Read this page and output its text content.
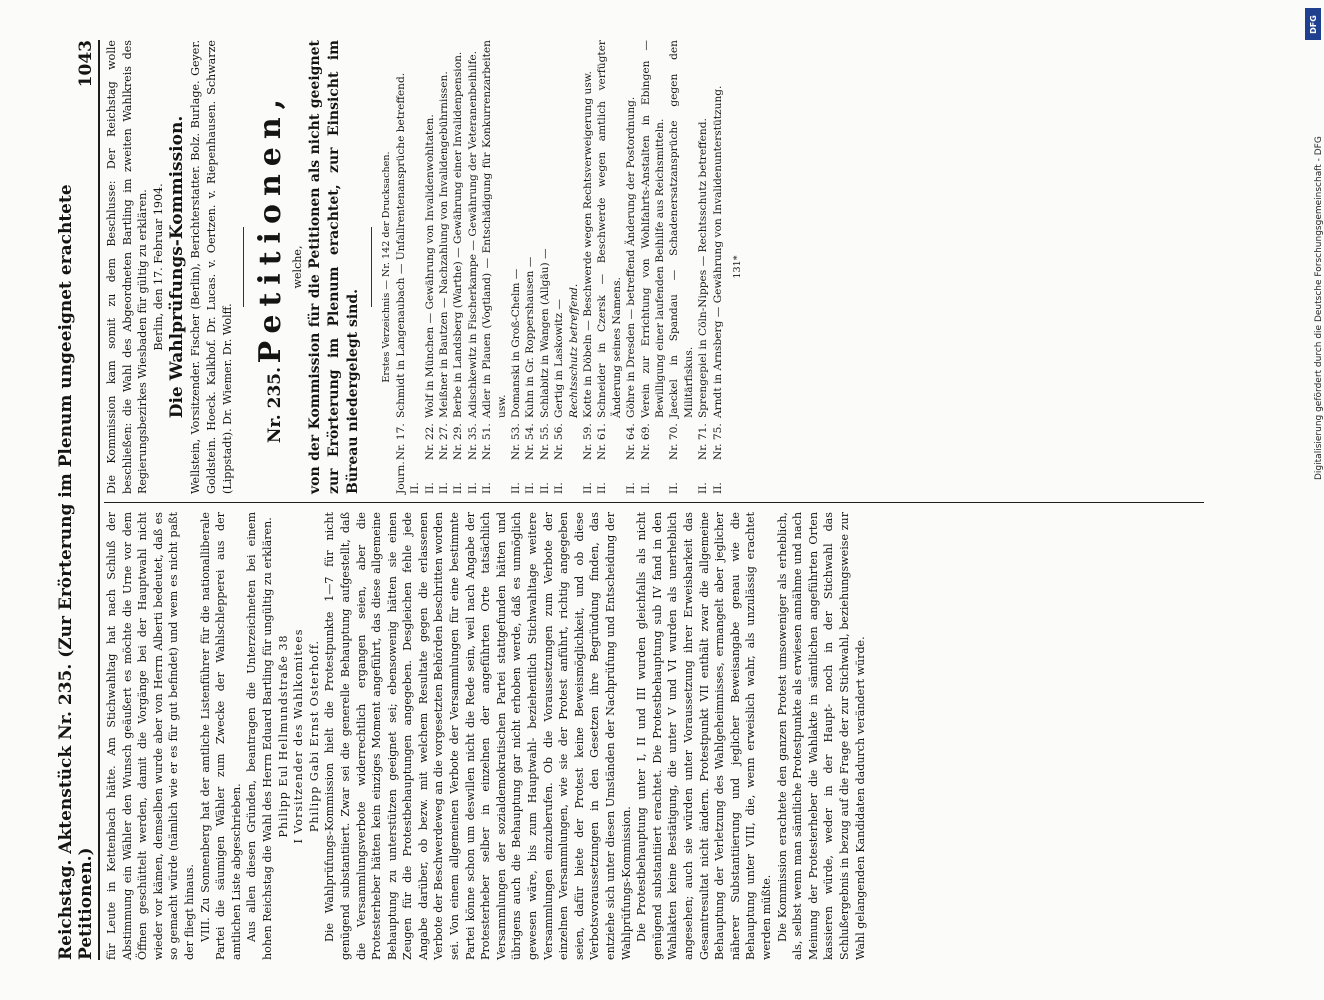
Reichstag. Aktenstück Nr. 235. (Zur Erörterung im Plenum ungeeignet erachtete Petitionen.)
1043

für Leute in Kettenbach hätte. Am Stichwahltag hat nach Schluß der Abstimmung ein Wähler den Wunsch geäußert es möchte die Urne vor dem Öffnen geschüttelt werden, damit die Vorgänge bei der Hauptwahl nicht wieder vor kämen, demselben wurde aber von Herrn Alberti bedeutet, daß es so gemacht würde (nämlich wie er es für gut befindet) und wem es nicht paßt der fliegt hinaus. VIII. Zu Sonnenberg hat der amtliche Listenführer für die nationalliberale Partei die säumigen Wähler zum Zwecke der Wahlschlepperei aus der amtlichen Liste abgeschrieben. Aus allen diesen Gründen, beantragen die Unterzeichneten bei einem hohen Reichstag die Wahl des Herrn Eduard Bartling für ungültig zu erklären. Philipp Eul Hellmundstraße 38 I Vorsitzender des Wahlkomitees Philipp Gabi Ernst Osterhoff. Die Wahlprüfungs-Kommission hielt die Protestpunkte 1—7 für nicht genügend substantiiert. Zwar sei die generelle Behauptung aufgestellt, daß die Versammlungsverbote widerrechtlich ergangen seien, aber die Protesterheber hätten kein einziges Moment angeführt, das diese allgemeine Behauptung zu unterstützen geeignet sei; ebensowenig hätten sie einen Zeugen für die Protestbehauptungen angegeben. Desgleichen fehle jede Angabe darüber, ob bezw. mit welchem Resultate gegen die erlassenen Verbote der Beschwerdeweg an die vorgesetzten Behörden beschritten worden sei. Von einem allgemeinen Verbote der Versammlungen für eine bestimmte Partei könne schon um deswillen nicht die Rede sein, weil nach Angabe der Protesterheber selber in einzelnen der angeführten Orte tatsächlich Versammlungen der sozialdemokratischen Partei stattgefunden hätten und übrigens auch die Behauptung gar nicht erhoben werde, daß es unmöglich gewesen wäre, bis zum Hauptwahl- beziehentlich Stichwahltage weitere Versammlungen einzuberufen. Ob die Voraussetzungen zum Verbote der einzelnen Versammlungen, wie sie der Protest anführt, richtig angegeben seien, dafür biete der Protest keine Beweismöglichkeit, und ob diese Verbotsvoraussetzungen in den Gesetzen ihre Begründung finden, das entziehe sich unter diesen Umständen der Nachprüfung und Entscheidung der Wahlprüfungs-Kommission. Die Protestbehauptung unter I, II und III wurden gleichfalls als nicht genügend substantiiert erachtet. Die Protestbehauptung sub IV fand in den Wahlakten keine Bestätigung, die unter V und VI wurden als unerheblich angesehen; auch sie würden unter Voraussetzung ihrer Erweisbarkeit das Gesamtresultat nicht ändern. Protestpunkt VII enthält zwar die allgemeine Behauptung der Verletzung des Wahlgeheimnisses, ermangelt aber jeglicher näherer Substantiierung und jeglicher Beweisangabe genau wie die Behauptung unter VIII, die, wenn erweislich wahr, als unzulässig erachtet werden müßte. Die Kommission erachtete den ganzen Protest umsoweniger als erheblich, als, selbst wenn man sämtliche Protestpunkte als erwiesen annähme und nach Meinung der Protesterheber die Wahlakte in sämtlichen angeführten Orten kassieren würde, weder in der Haupt- noch in der Stichwahl das Schlußergebnis in bezug auf die Frage der zur Stichwahl, beziehungsweise zur Wahl gelangenden Kandidaten dadurch verändert würde.

Die Kommission kam somit zu dem Beschlusse: Der Reichstag wolle beschließen: die Wahl des Abgeordneten Bartling im zweiten Wahlkreis des Regierungsbezirkes Wiesbaden für gültig zu erklären. Berlin, den 17. Februar 1904. Die Wahlprüfungs-Kommission. Wellstein, Vorsitzender. Fischer (Berlin), Berichterstatter. Bolz. Burlage. Geyer. Goldstein. Hoeck. Kalkhof. Dr. Lucas. v. Oertzen. v. Riepenhausen. Schwarze (Lippstadt). Dr. Wiemer. Dr. Wolff.	Nr. 235. Petitionen, welche, von der Kommission für die Petitionen als nicht geeignet zur Erörterung im Plenum erachtet, zur Einsicht im Büreau niedergelegt sind.

Erstes Verzeichnis — Nr. 142 der Drucksachen.

Journ. II.
Nr. 17.
Schmidt in Langenaubach — Unfallrentenansprüche betreffend.
II.
Nr. 22.
Wolf in München — Gewährung von Invalidenwohltaten.
II.
Nr. 27.
Meißner in Bautzen — Nachzahlung von Invalidengebührnissen.
II.
Nr. 29.
Berbe in Landsberg (Warthe) — Gewährung einer Invalidenpension.
II.
Nr. 35.
Adischkewitz in Fischerkampe — Gewährung der Veteranenbeihilfe.
II.
Nr. 51.
Adler in Plauen (Vogtland) — Entschädigung für Konkurrenzarbeiten usw.
II.
Nr. 53.
Domanski in Groß-Chelm —
II.
Nr. 54.
Kuhn in Gr. Roppershausen —
II.
Nr. 55.
Schlabitz in Wangen (Allgäu) —
II.
Nr. 56.
Gertig in Laskowitz — Rechtsschutz betreffend.
II.
Nr. 59.
Kotte in Döbeln — Beschwerde wegen Rechtsverweigerung usw.
II.
Nr. 61.
Schneider in Czersk — Beschwerde wegen amtlich verfügter Änderung seines Namens.
II.
Nr. 64.
Göhre in Dresden — betreffend Änderung der Postordnung.
II.
Nr. 69.
Verein zur Errichtung von Wohlfahrts-Anstalten in Ebingen — Bewilligung einer laufenden Beihilfe aus Reichsmitteln.
II.
Nr. 70.
Jaeckel in Spandau — Schadenersatzansprüche gegen den Militärfiskus.
II.
Nr. 71.
Sprengepiel in Cöln-Nippes — Rechtsschutz betreffend.
II.
Nr. 75.
Arndt in Arnsberg — Gewährung von Invalidenunterstützung. 131*

DFG
Digitalisierung gefördert durch die Deutsche Forschungsgemeinschaft - DFG
